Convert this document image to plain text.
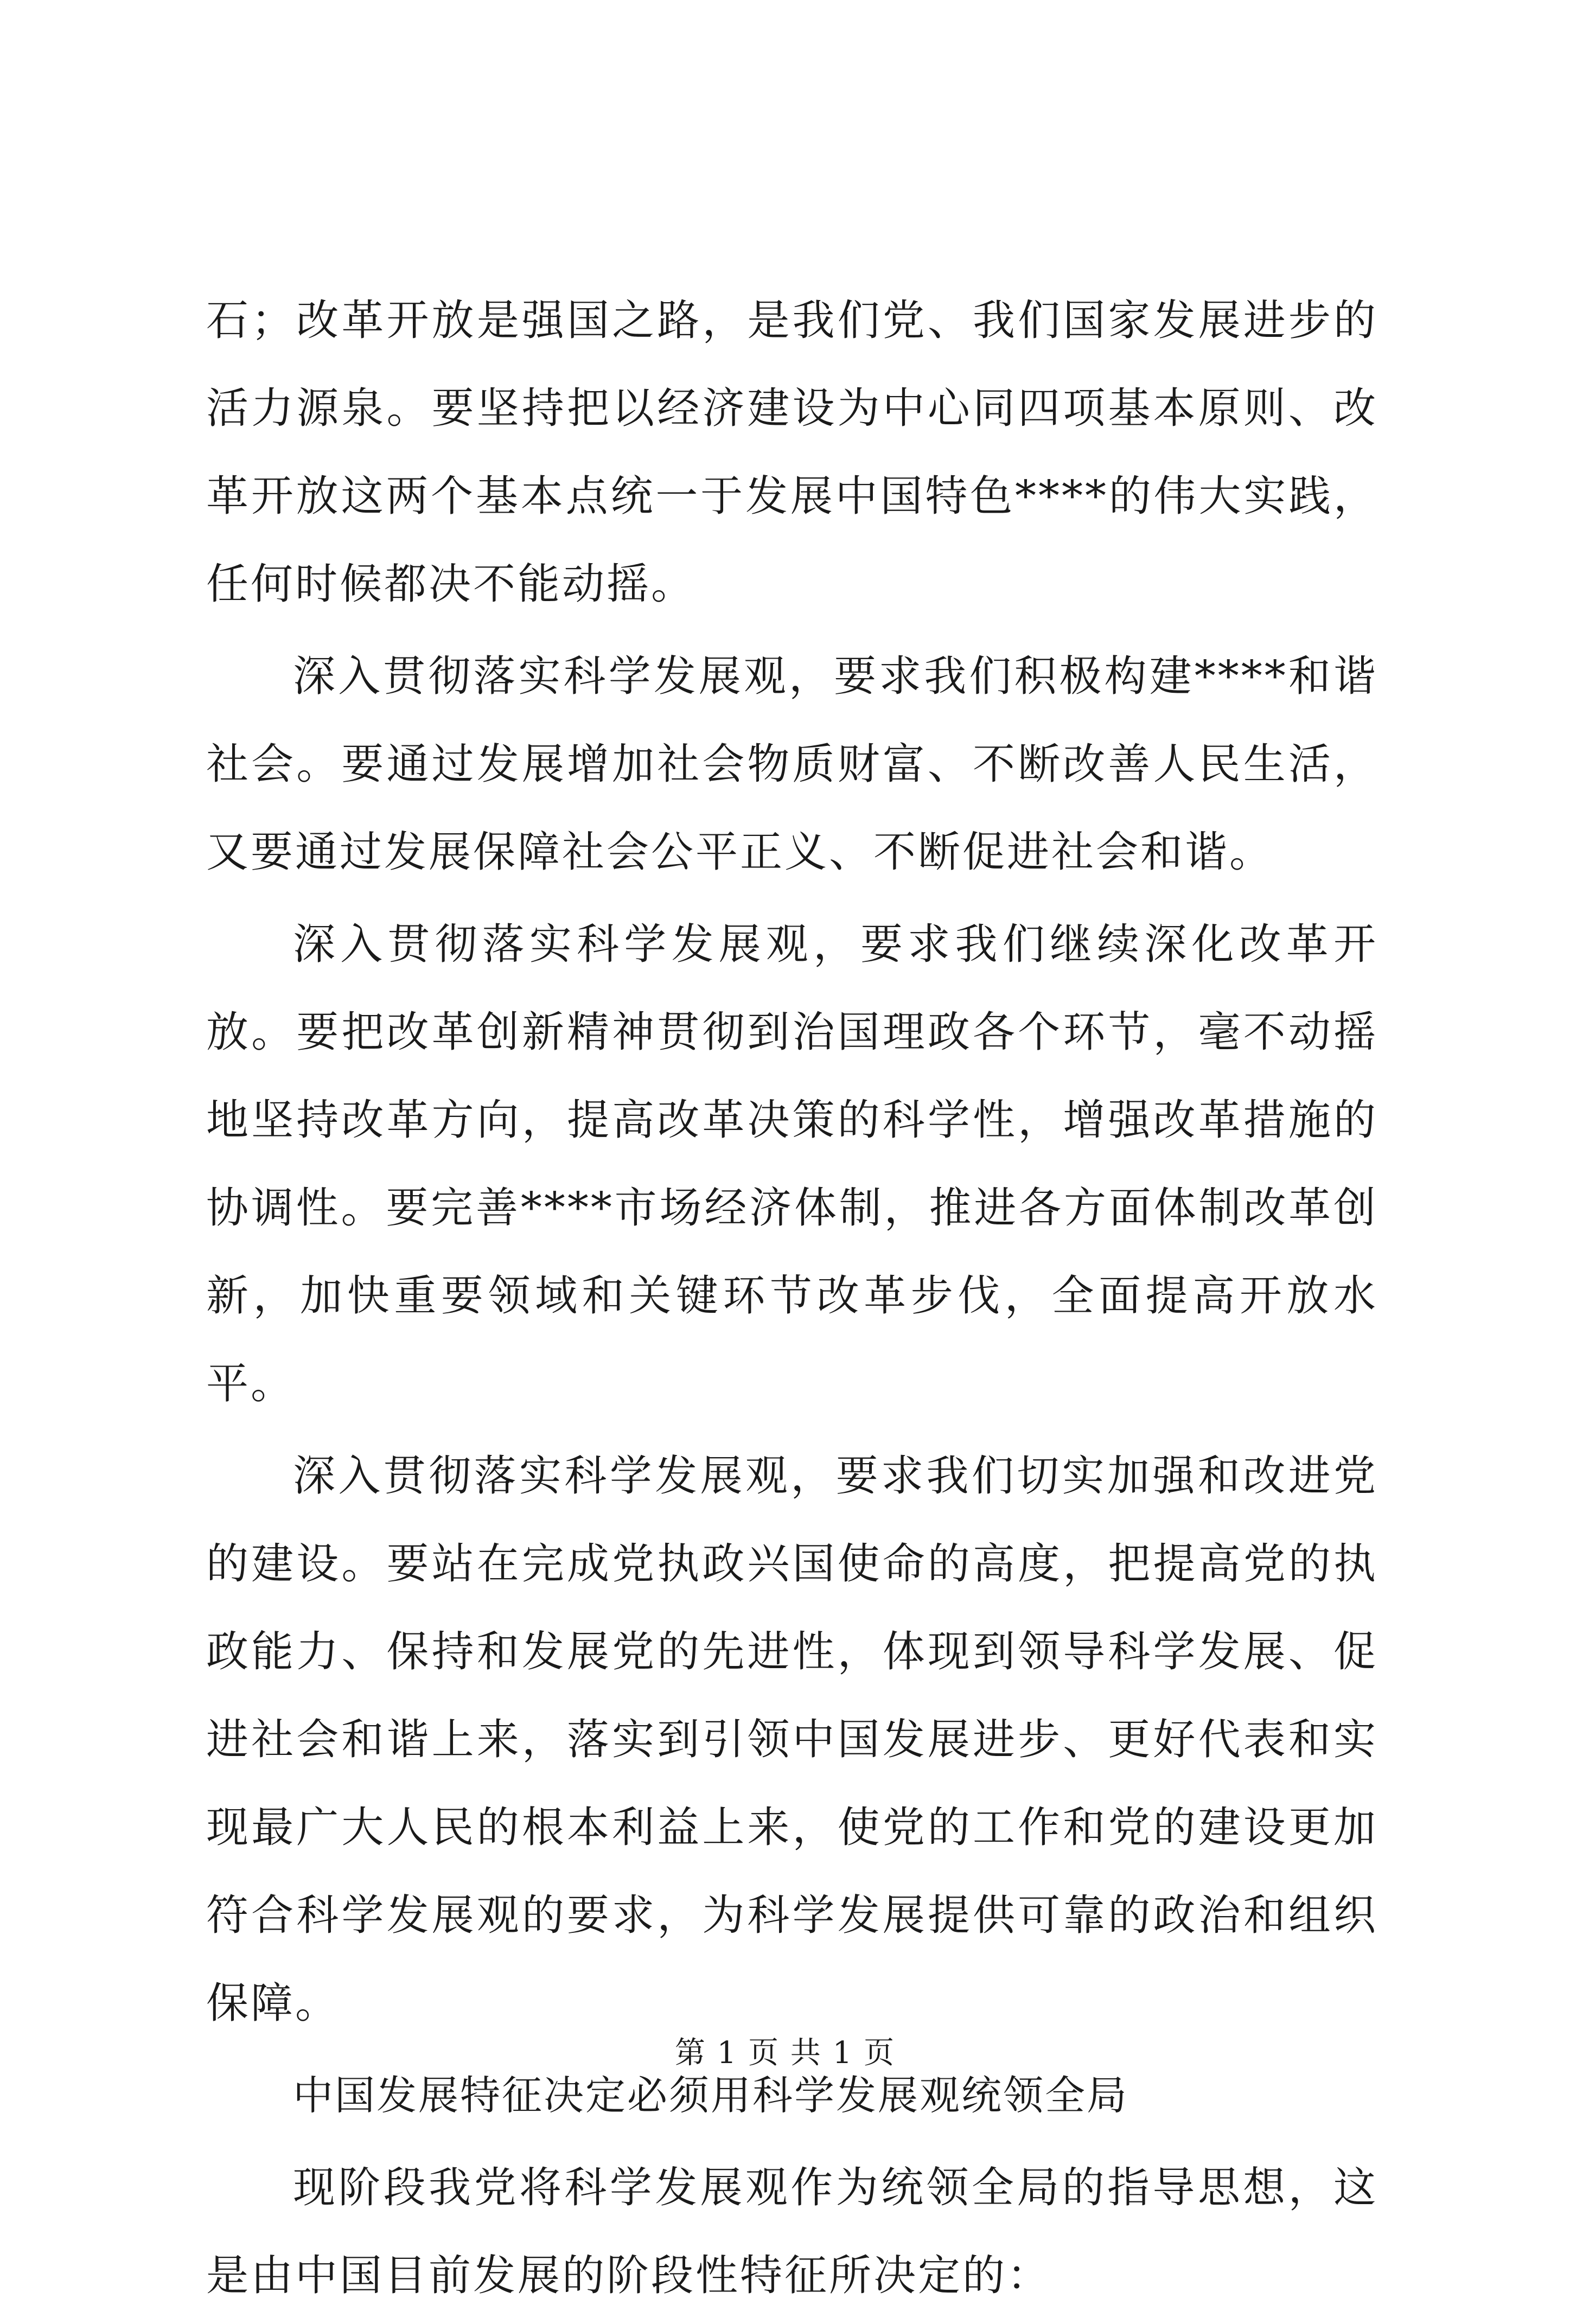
石；改革开放是强国之路，是我们党、我们国家发展进步的活力源泉。要坚持把以经济建设为中心同四项基本原则、改革开放这两个基本点统一于发展中国特色****的伟大实践，任何时候都决不能动摇。

深入贯彻落实科学发展观，要求我们积极构建****和谐社会。要通过发展增加社会物质财富、不断改善人民生活，又要通过发展保障社会公平正义、不断促进社会和谐。

深入贯彻落实科学发展观，要求我们继续深化改革开放。要把改革创新精神贯彻到治国理政各个环节，毫不动摇地坚持改革方向，提高改革决策的科学性，增强改革措施的协调性。要完善****市场经济体制，推进各方面体制改革创新，加快重要领域和关键环节改革步伐，全面提高开放水平。

深入贯彻落实科学发展观，要求我们切实加强和改进党的建设。要站在完成党执政兴国使命的高度，把提高党的执政能力、保持和发展党的先进性，体现到领导科学发展、促进社会和谐上来，落实到引领中国发展进步、更好代表和实现最广大人民的根本利益上来，使党的工作和党的建设更加符合科学发展观的要求，为科学发展提供可靠的政治和组织保障。

中国发展特征决定必须用科学发展观统领全局

现阶段我党将科学发展观作为统领全局的指导思想，这是由中国目前发展的阶段性特征所决定的：

第 1 页 共 1 页
